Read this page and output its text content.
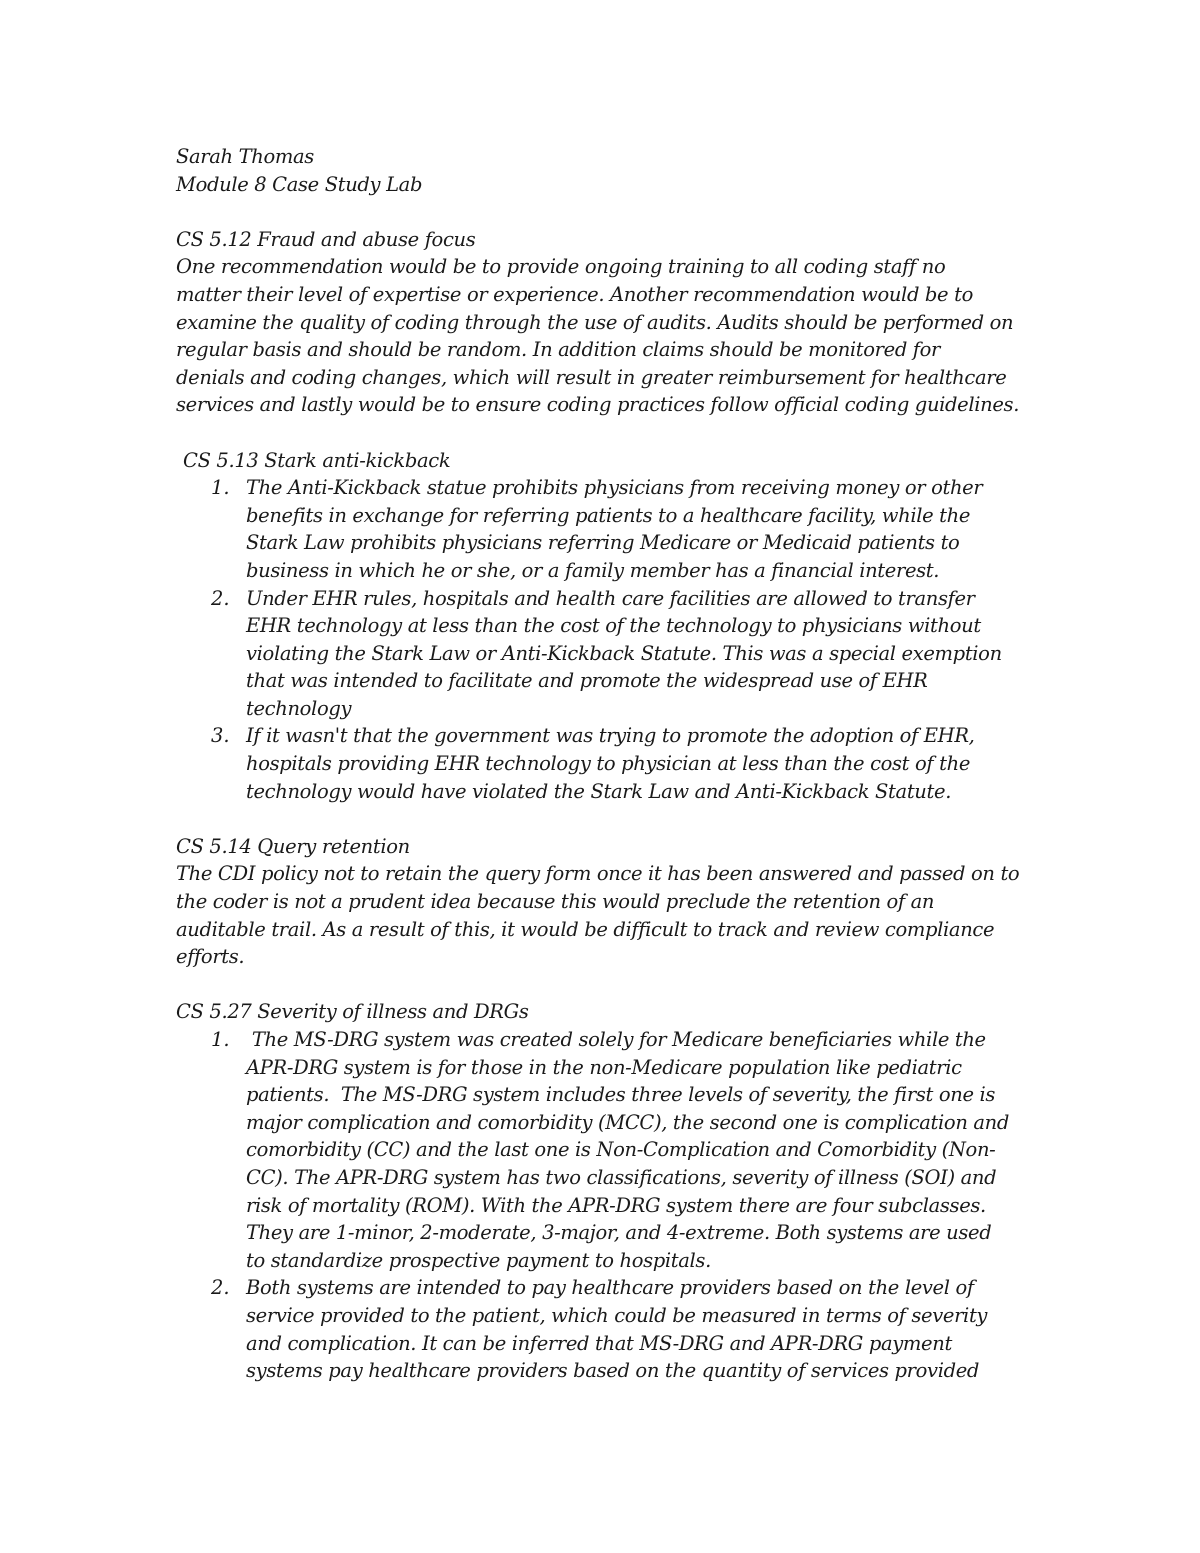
Sarah Thomas
Module 8 Case Study Lab
CS 5.12 Fraud and abuse focus
One recommendation would be to provide ongoing training to all coding staff no
matter their level of expertise or experience. Another recommendation would be to
examine the quality of coding through the use of audits. Audits should be performed on
regular basis and should be random. In addition claims should be monitored for
denials and coding changes, which will result in greater reimbursement for healthcare
services and lastly would be to ensure coding practices follow official coding guidelines.
CS 5.13 Stark anti-kickback
1. The Anti-Kickback statue prohibits physicians from receiving money or other
benefits in exchange for referring patients to a healthcare facility, while the
Stark Law prohibits physicians referring Medicare or Medicaid patients to
business in which he or she, or a family member has a financial interest.
2. Under EHR rules, hospitals and health care facilities are allowed to transfer
EHR technology at less than the cost of the technology to physicians without
violating the Stark Law or Anti-Kickback Statute. This was a special exemption
that was intended to facilitate and promote the widespread use of EHR
technology
3. If it wasn't that the government was trying to promote the adoption of EHR,
hospitals providing EHR technology to physician at less than the cost of the
technology would have violated the Stark Law and Anti-Kickback Statute.
CS 5.14 Query retention
The CDI policy not to retain the query form once it has been answered and passed on to
the coder is not a prudent idea because this would preclude the retention of an
auditable trail. As a result of this, it would be difficult to track and review compliance
efforts.
CS 5.27 Severity of illness and DRGs
1. The MS-DRG system was created solely for Medicare beneficiaries while the
APR-DRG system is for those in the non-Medicare population like pediatric
patients.  The MS-DRG system includes three levels of severity, the first one is
major complication and comorbidity (MCC), the second one is complication and
comorbidity (CC) and the last one is Non-Complication and Comorbidity (Non-
CC). The APR-DRG system has two classifications, severity of illness (SOI) and
risk of mortality (ROM). With the APR-DRG system there are four subclasses.
They are 1-minor, 2-moderate, 3-major, and 4-extreme. Both systems are used
to standardize prospective payment to hospitals.
2. Both systems are intended to pay healthcare providers based on the level of
service provided to the patient, which could be measured in terms of severity
and complication. It can be inferred that MS-DRG and APR-DRG payment
systems pay healthcare providers based on the quantity of services provided
